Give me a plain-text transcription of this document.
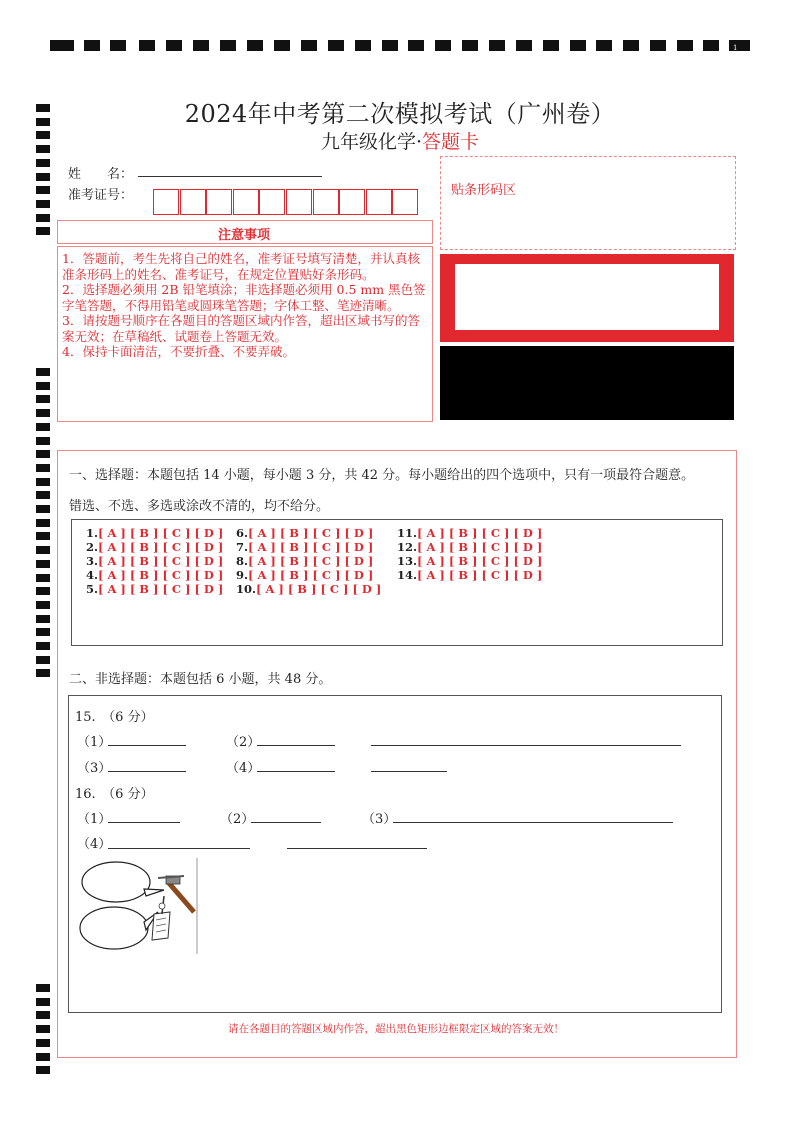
1
2024年中考第二次模拟考试（广州卷）
九年级化学·答题卡
姓　　名：
准考证号：	贴条形码区
注意事项
1．答题前，考生先将自己的姓名，准考证号填写清楚，并认真核准条形码上的姓名、准考证号，在规定位置贴好条形码。
2．选择题必须用 2B 铅笔填涂；非选择题必须用 0.5 mm 黑色签字笔答题，不得用铅笔或圆珠笔答题；字体工整、笔迹清晰。
3．请按题号顺序在各题目的答题区域内作答，超出区域书写的答案无效；在草稿纸、试题卷上答题无效。
4．保持卡面清洁，不要折叠、不要弄破。
一、选择题：本题包括 14 小题，每小题 3 分，共 42 分。每小题给出的四个选项中，只有一项最符合题意。
错选、不选、多选或涂改不清的，均不给分。
1.[ A ] [ B ] [ C ] [ D ]
2.[ A ] [ B ] [ C ] [ D ]
3.[ A ] [ B ] [ C ] [ D ]
4.[ A ] [ B ] [ C ] [ D ]
5.[ A ] [ B ] [ C ] [ D ]
6.[ A ] [ B ] [ C ] [ D ]
7.[ A ] [ B ] [ C ] [ D ]
8.[ A ] [ B ] [ C ] [ D ]
9.[ A ] [ B ] [ C ] [ D ]
10.[ A ] [ B ] [ C ] [ D ]
11.[ A ] [ B ] [ C ] [ D ]
12.[ A ] [ B ] [ C ] [ D ]
13.[ A ] [ B ] [ C ] [ D ]
14.[ A ] [ B ] [ C ] [ D ]
二、非选择题：本题包括 6 小题，共 48 分。
15.　（6 分）
（1）	（2）
（3）	（4）
16.　（6 分）
（1）	（2）	（3）
（4）
请在各题目的答题区域内作答，超出黑色矩形边框限定区域的答案无效！
